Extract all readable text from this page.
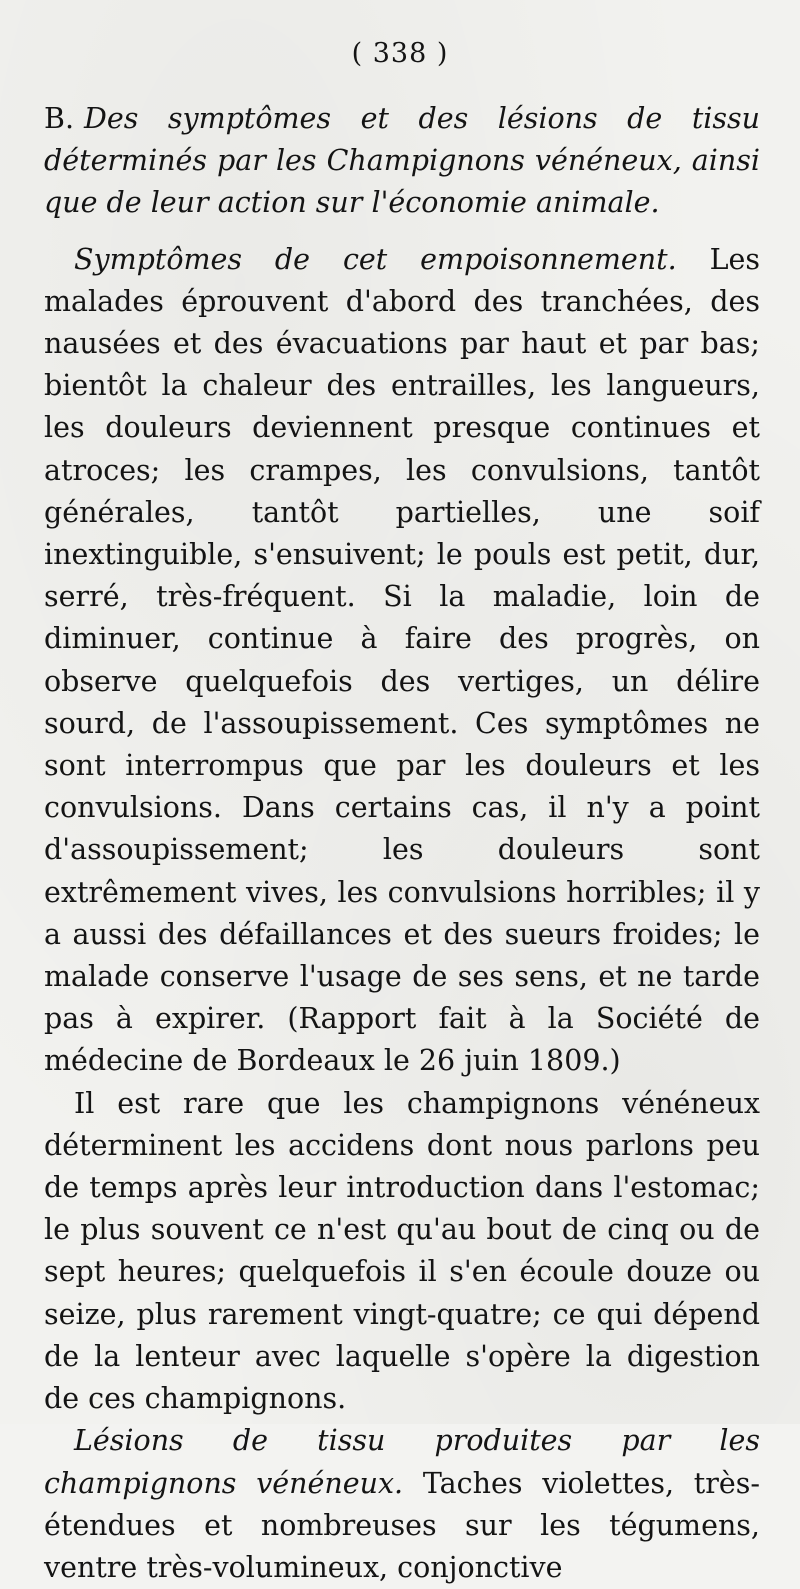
( 338 )

B. Des symptômes et des lésions de tissu déterminés par les Champignons vénéneux, ainsi que de leur action sur l'économie animale.

Symptômes de cet empoisonnement. Les malades éprouvent d'abord des tranchées, des nausées et des évacuations par haut et par bas; bientôt la chaleur des entrailles, les langueurs, les douleurs deviennent presque continues et atroces; les crampes, les convulsions, tantôt générales, tantôt partielles, une soif inextinguible, s'ensuivent; le pouls est petit, dur, serré, très-fréquent. Si la maladie, loin de diminuer, continue à faire des progrès, on observe quelquefois des vertiges, un délire sourd, de l'assoupissement. Ces symptômes ne sont interrompus que par les douleurs et les convulsions. Dans certains cas, il n'y a point d'assoupissement; les douleurs sont extrêmement vives, les convulsions horribles; il y a aussi des défaillances et des sueurs froides; le malade conserve l'usage de ses sens, et ne tarde pas à expirer. (Rapport fait à la Société de médecine de Bordeaux le 26 juin 1809.)

Il est rare que les champignons vénéneux déterminent les accidens dont nous parlons peu de temps après leur introduction dans l'estomac; le plus souvent ce n'est qu'au bout de cinq ou de sept heures; quelquefois il s'en écoule douze ou seize, plus rarement vingt-quatre; ce qui dépend de la lenteur avec laquelle s'opère la digestion de ces champignons.

Lésions de tissu produites par les champignons vénéneux. Taches violettes, très-étendues et nombreuses sur les tégumens, ventre très-volumineux, conjonctive
